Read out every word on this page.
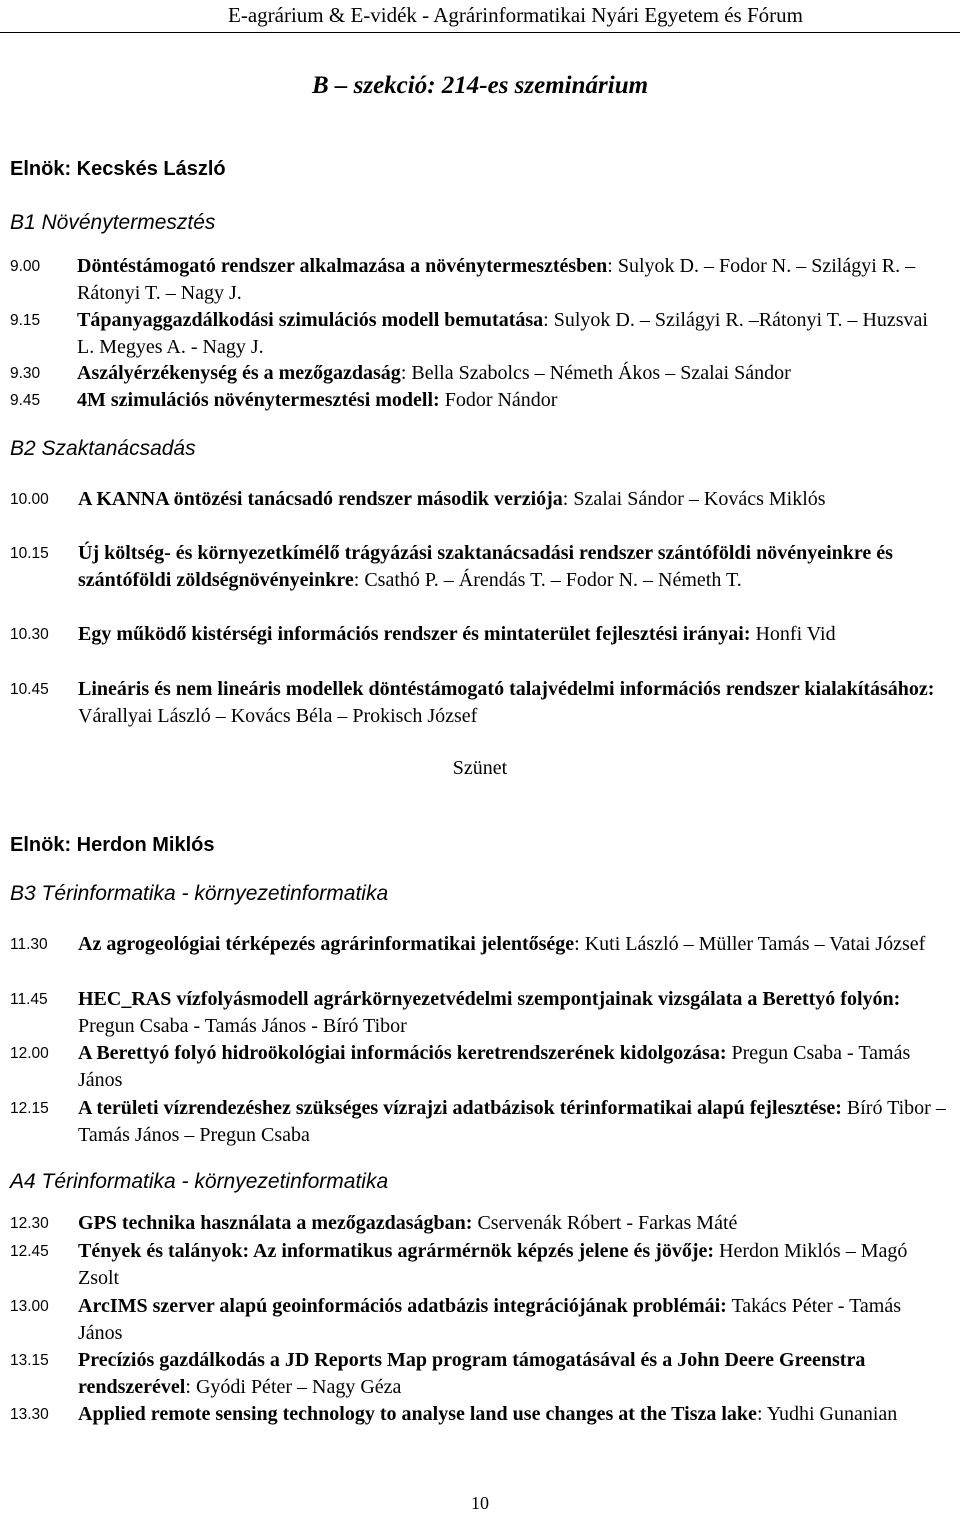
E-agrárium & E-vidék - Agrárinformatikai Nyári Egyetem és Fórum
B – szekció: 214-es szeminárium
Elnök: Kecskés László
B1 Növénytermesztés
9.00 Döntéstámogató rendszer alkalmazása a növénytermesztésben: Sulyok D. – Fodor N. – Szilágyi R. –Rátonyi T. – Nagy J.
9.15 Tápanyaggazdálkodási szimulációs modell bemutatása: Sulyok D. – Szilágyi R. –Rátonyi T. – Huzsvai L. Megyes A. - Nagy J.
9.30 Aszályérzékenység és a mezőgazdaság: Bella Szabolcs – Németh Ákos – Szalai Sándor
9.45 4M szimulációs növénytermesztési modell: Fodor Nándor
B2 Szaktanácsadás
10.00 A KANNA öntözési tanácsadó rendszer második verziója: Szalai Sándor – Kovács Miklós
10.15 Új költség- és környezetkímélő trágyázási szaktanácsadási rendszer szántóföldi növényeinkre és szántóföldi zöldségnövényeinkre: Csathó P. – Árendás T. – Fodor N. – Németh T.
10.30 Egy működő kistérségi információs rendszer és mintaterület fejlesztési irányai: Honfi Vid
10.45 Lineáris és nem lineáris modellek döntéstámogató talajvédelmi információs rendszer kialakításához: Várallyai László – Kovács Béla – Prokisch József
Szünet
Elnök: Herdon Miklós
B3 Térinformatika - környezetinformatika
11.30 Az agrogeológiai térképezés agrárinformatikai jelentősége: Kuti László – Müller Tamás – Vatai József
11.45 HEC_RAS vízfolyásmodell agrárkörnyezetvédelmi szempontjainak vizsgálata a Berettyó folyón: Pregun Csaba - Tamás János - Bíró Tibor
12.00 A Berettyó folyó hidroökológiai információs keretrendszerének kidolgozása: Pregun Csaba - Tamás János
12.15 A területi vízrendezéshez szükséges vízrajzi adatbázisok térinformatikai alapú fejlesztése: Bíró Tibor – Tamás János – Pregun Csaba
A4 Térinformatika - környezetinformatika
12.30 GPS technika használata a mezőgazdaságban: Cservenák Róbert - Farkas Máté
12.45 Tények és talányok: Az informatikus agrármérnök képzés jelene és jövője: Herdon Miklós – Magó Zsolt
13.00 ArcIMS szerver alapú geoinformációs adatbázis integrációjának problémái: Takács Péter - Tamás János
13.15 Precíziós gazdálkodás a JD Reports Map program támogatásával és a John Deere Greenstra rendszerével: Gyódi Péter – Nagy Géza
13.30 Applied remote sensing technology to analyse land use changes at the Tisza lake: Yudhi Gunanian
10
